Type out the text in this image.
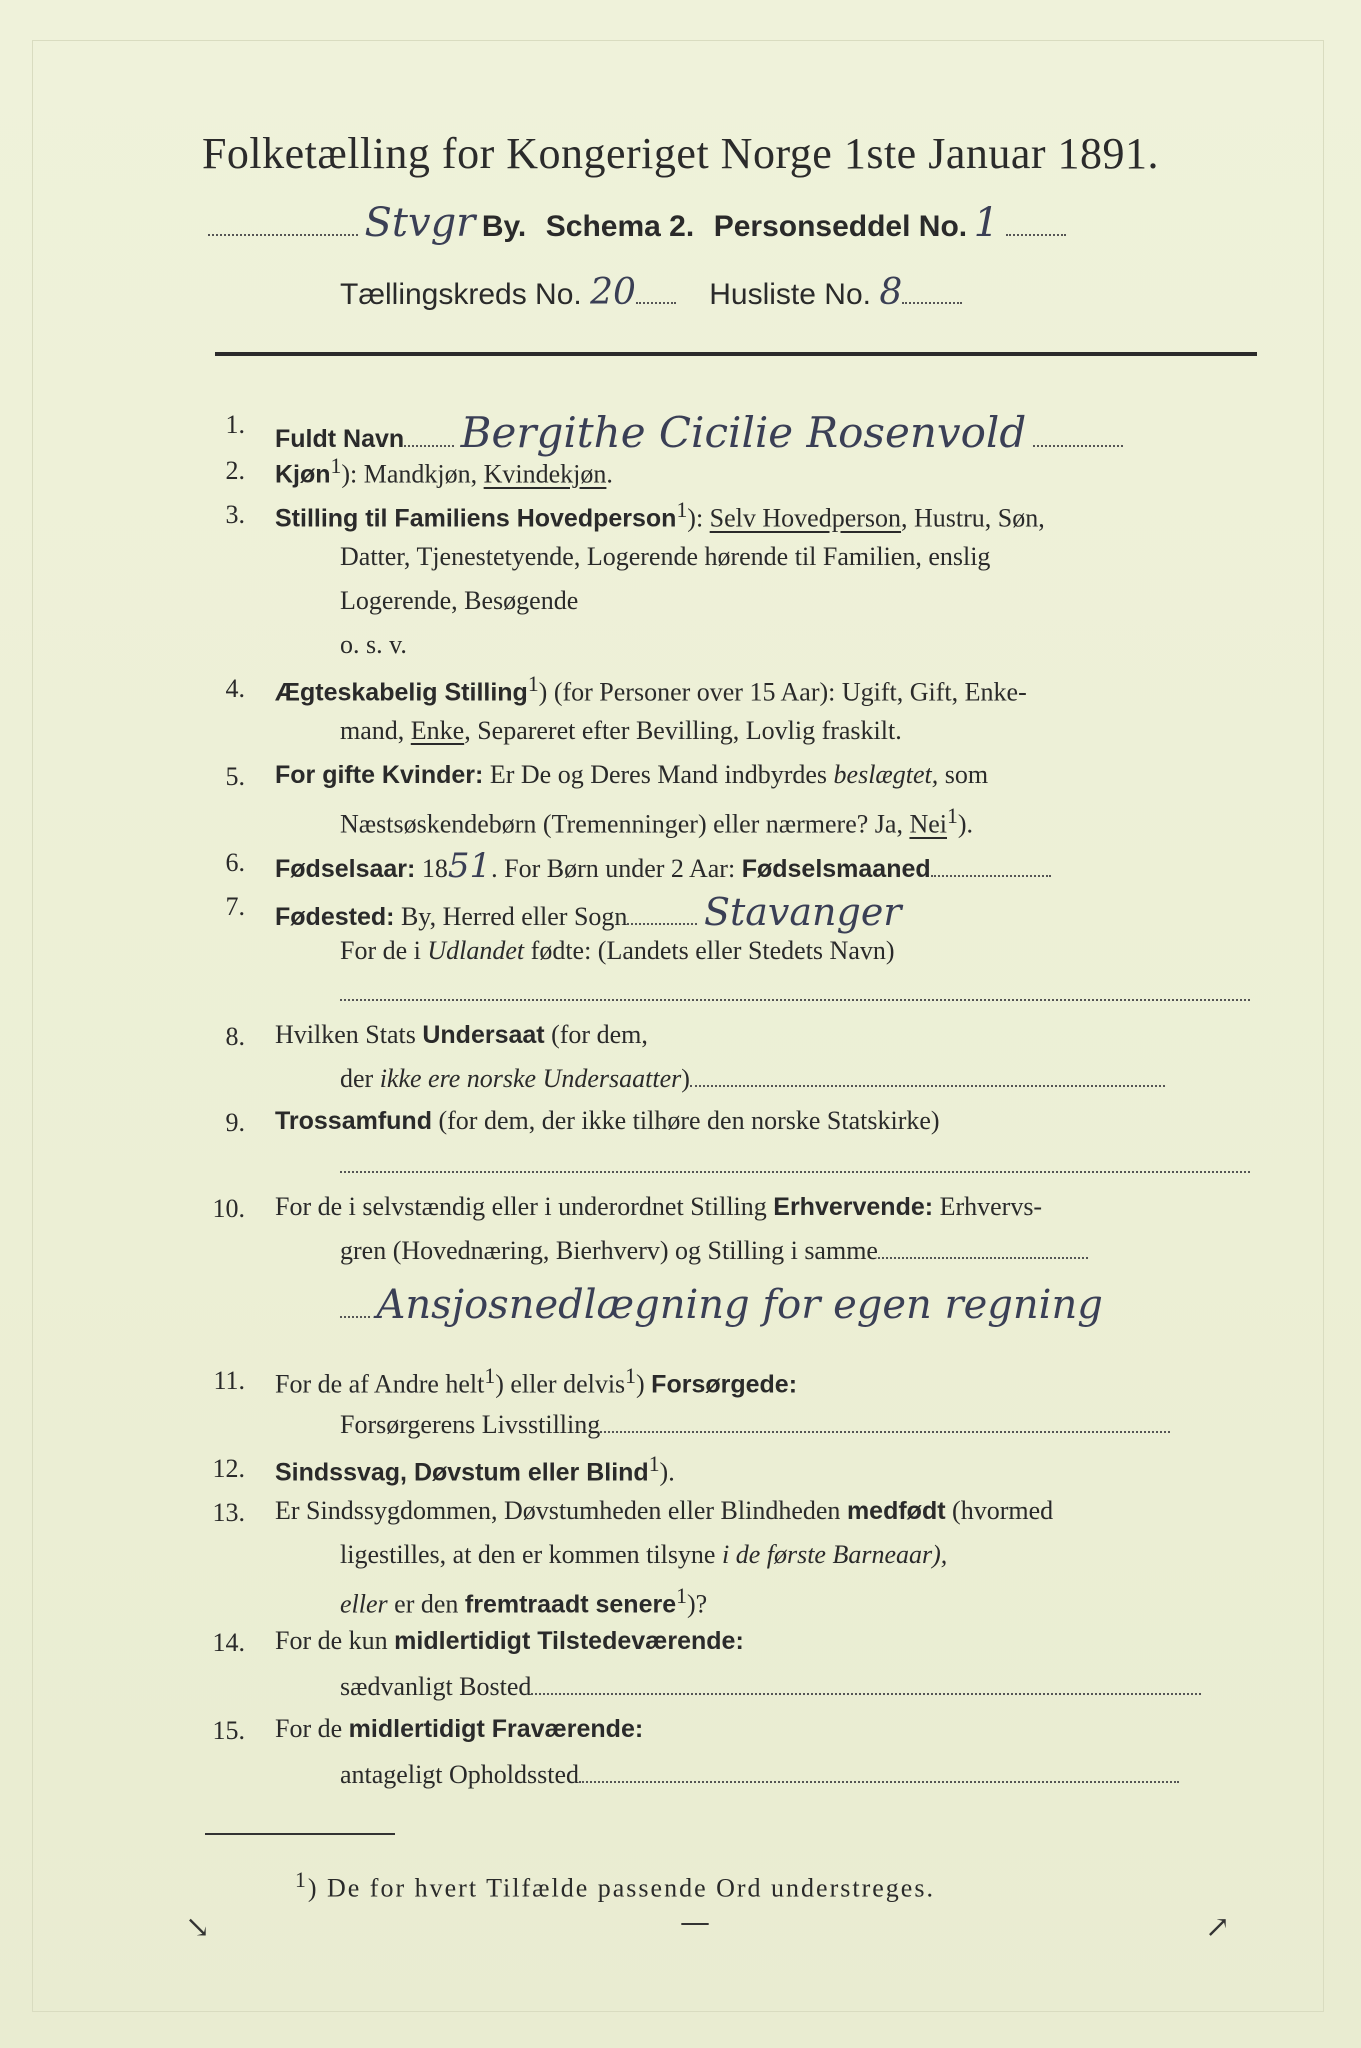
Folketælling for Kongeriget Norge 1ste Januar 1891.
Stvgr By. Schema 2. Personseddel No. 1
Tællingskreds No. 20 Husliste No. 8
1. Fuldt Navn Bergithe Cicilie Rosenvold
2. Kjøn$^1$): Mandkjøn, Kvindekjøn.
3. Stilling til Familiens Hovedperson$^1$): Selv Hovedperson, Hustru, Søn,
Datter, Tjenestetyende, Logerende hørende til Familien, enslig
Logerende, Besøgende
o. s. v.
4. Ægteskabelig Stilling$^1$) (for Personer over 15 Aar): Ugift, Gift, Enke-
mand, Enke, Separeret efter Bevilling, Lovlig fraskilt.
5. For gifte Kvinder: Er De og Deres Mand indbyrdes beslægtet, som
Næstsøskendebørn (Tremenninger) eller nærmere? Ja, Nei$^1$).
6. Fødselsaar: 1851. For Børn under 2 Aar: Fødselsmaaned
7. Fødested: By, Herred eller Sogn Stavanger
For de i Udlandet fødte: (Landets eller Stedets Navn)
8. Hvilken Stats Undersaat (for dem,
der ikke ere norske Undersaatter)
9. Trossamfund (for dem, der ikke tilhøre den norske Statskirke)
10. For de i selvstændig eller i underordnet Stilling Erhvervende: Erhvervs-
gren (Hovednæring, Bierhverv) og Stilling i samme
Ansjosnedlægning for egen regning
11. For de af Andre helt$^1$) eller delvis$^1$) Forsørgede:
Forsørgerens Livsstilling
12. Sindssvag, Døvstum eller Blind$^1$).
13. Er Sindssygdommen, Døvstumheden eller Blindheden medfødt (hvormed
ligestilles, at den er kommen tilsyne i de første Barneaar),
eller er den fremtraadt senere$^1$)?
14. For de kun midlertidigt Tilstedeværende:
sædvanligt Bosted
15. For de midlertidigt Fraværende:
antageligt Opholdssted
$^1$) De for hvert Tilfælde passende Ord understreges.
↘	—	↗
